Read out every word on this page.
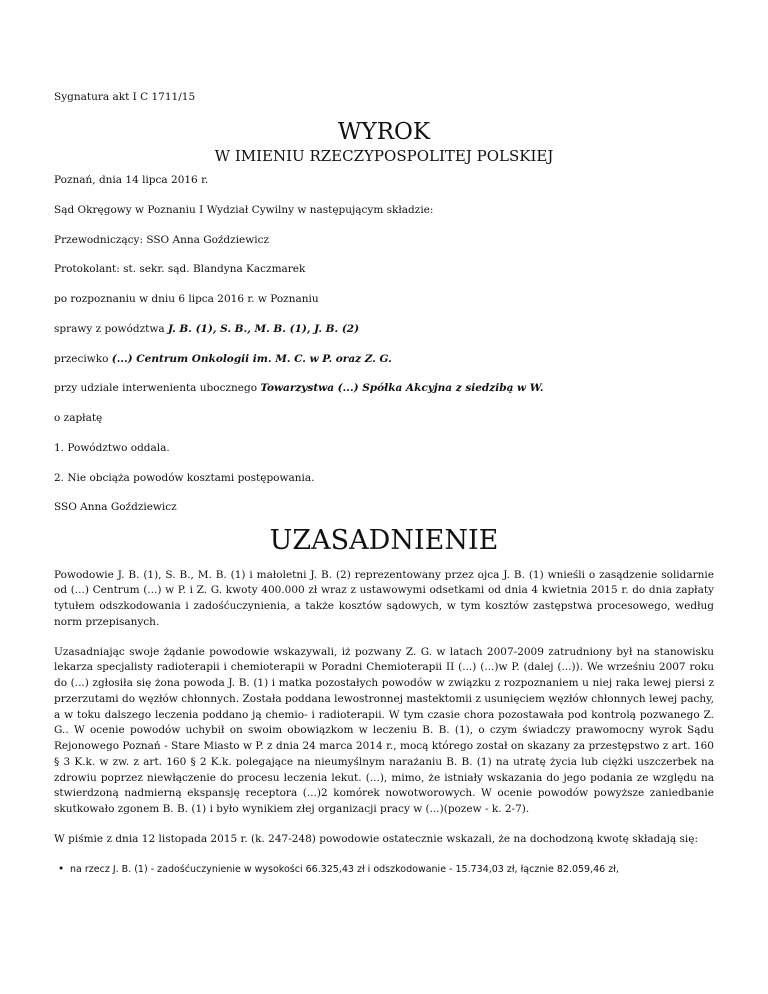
Sygnatura akt I C 1711/15
WYROK
W IMIENIU RZECZYPOSPOLITEJ POLSKIEJ
Poznań, dnia 14 lipca 2016 r.
Sąd Okręgowy w Poznaniu I Wydział Cywilny w następującym składzie:
Przewodniczący: SSO Anna Goździewicz
Protokolant: st. sekr. sąd. Blandyna Kaczmarek
po rozpoznaniu w dniu 6 lipca 2016 r. w Poznaniu
sprawy z powództwa J. B. (1), S. B., M. B. (1), J. B. (2)
przeciwko (...) Centrum Onkologii im. M. C. w P. oraz Z. G.
przy udziale interwenienta ubocznego Towarzystwa (...) Spółka Akcyjna z siedzibą w W.
o zapłatę
1. Powództwo oddala.
2. Nie obciąża powodów kosztami postępowania.
SSO Anna Goździewicz
UZASADNIENIE

Powodowie J. B. (1), S. B., M. B. (1) i małoletni J. B. (2) reprezentowany przez ojca J. B. (1) wnieśli o zasądzenie solidarnie od (...) Centrum (...) w P. i Z. G. kwoty 400.000 zł wraz z ustawowymi odsetkami od dnia 4 kwietnia 2015 r. do dnia zapłaty tytułem odszkodowania i zadośćuczynienia, a także kosztów sądowych, w tym kosztów zastępstwa procesowego, według norm przepisanych.

Uzasadniając swoje żądanie powodowie wskazywali, iż pozwany Z. G. w latach 2007-2009 zatrudniony był na stanowisku lekarza specjalisty radioterapii i chemioterapii w Poradni Chemioterapii II (...) (...)w P. (dalej (...)). We wrześniu 2007 roku do (...) zgłosiła się żona powoda J. B. (1) i matka pozostałych powodów w związku z rozpoznaniem u niej raka lewej piersi z przerzutami do węzłów chłonnych. Została poddana lewostronnej mastektomii z usunięciem węzłów chłonnych lewej pachy, a w toku dalszego leczenia poddano ją chemio- i radioterapii. W tym czasie chora pozostawała pod kontrolą pozwanego Z. G.. W ocenie powodów uchybił on swoim obowiązkom w leczeniu B. B. (1), o czym świadczy prawomocny wyrok Sądu Rejonowego Poznań - Stare Miasto w P. z dnia 24 marca 2014 r., mocą którego został on skazany za przestępstwo z art. 160 § 3 K.k. w zw. z art. 160 § 2 K.k. polegające na nieumyślnym narażaniu B. B. (1) na utratę życia lub ciężki uszczerbek na zdrowiu poprzez niewłączenie do procesu leczenia lekut. (...), mimo, że istniały wskazania do jego podania ze względu na stwierdzoną nadmierną ekspansję receptora (...)2 komórek nowotworowych. W ocenie powodów powyższe zaniedbanie skutkowało zgonem B. B. (1) i było wynikiem złej organizacji pracy w (...)(pozew - k. 2-7).

W piśmie z dnia 12 listopada 2015 r. (k. 247-248) powodowie ostatecznie wskazali, że na dochodzoną kwotę składają się:

• na rzecz J. B. (1) - zadośćuczynienie w wysokości 66.325,43 zł i odszkodowanie - 15.734,03 zł, łącznie 82.059,46 zł,
